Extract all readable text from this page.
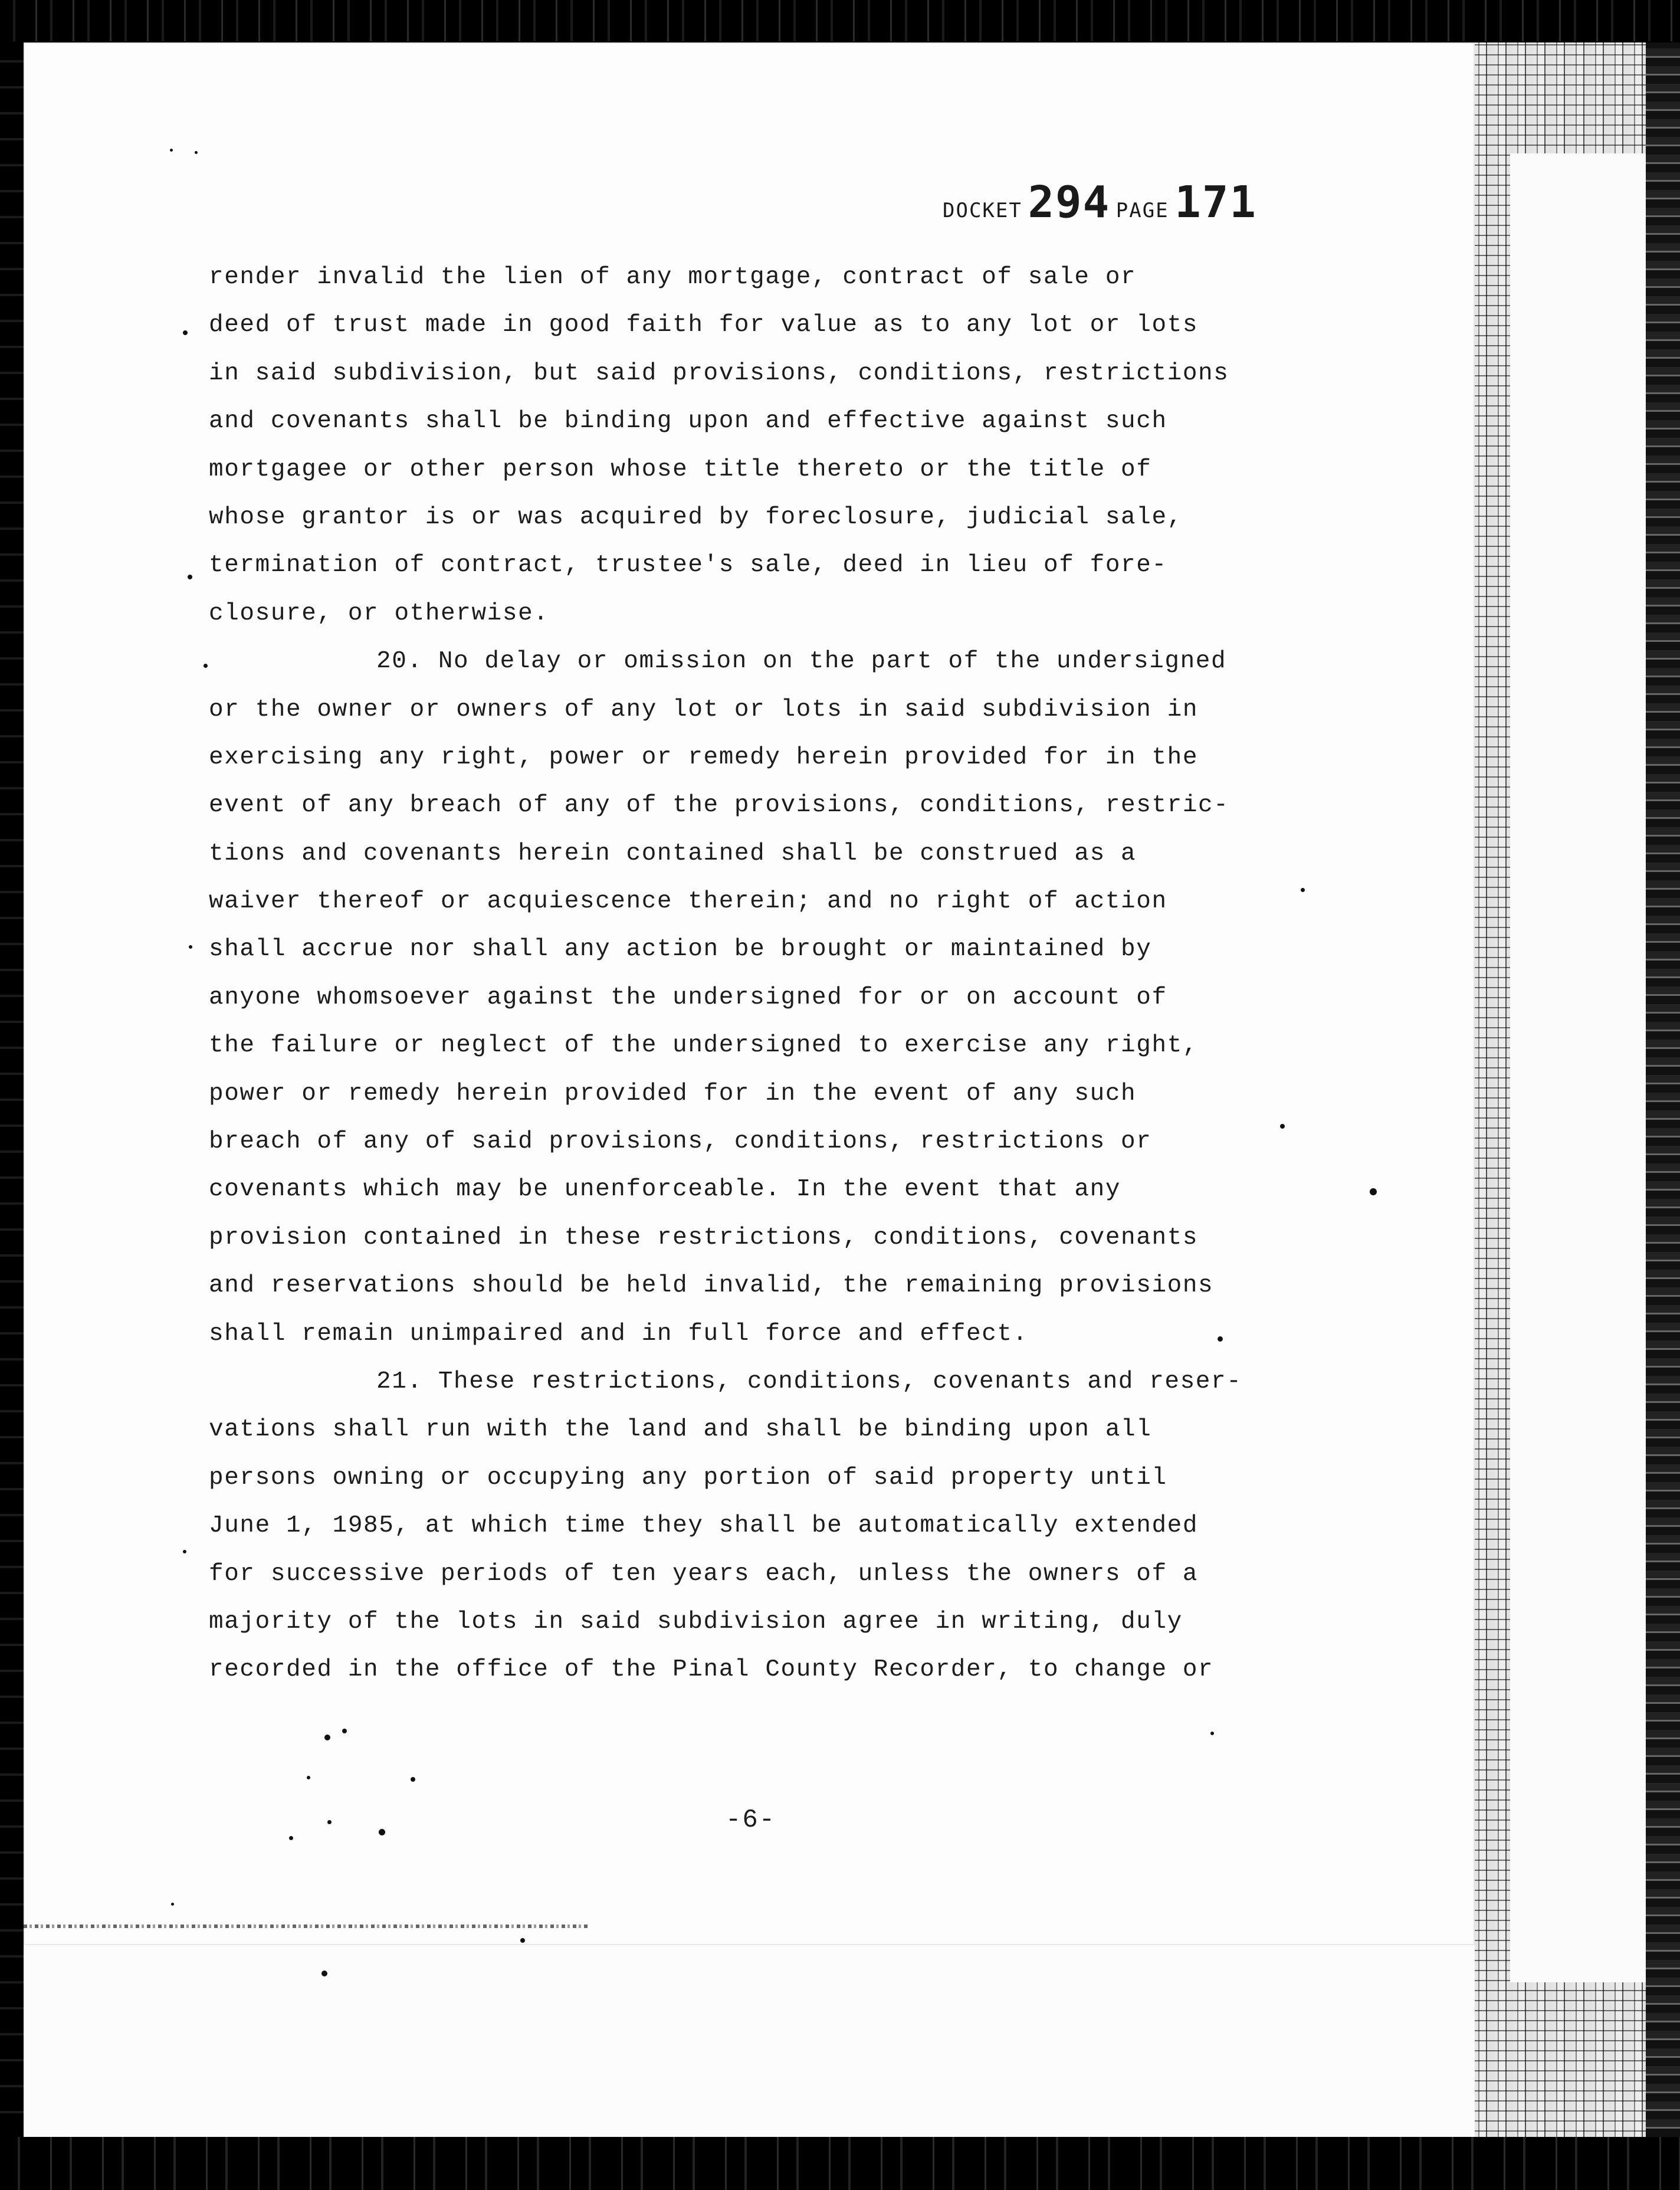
DOCKET 294 PAGE 171
render invalid the lien of any mortgage, contract of sale or
deed of trust made in good faith for value as to any lot or lots
in said subdivision, but said provisions, conditions, restrictions
and covenants shall be binding upon and effective against such
mortgagee or other person whose title thereto or the title of
whose grantor is or was acquired by foreclosure, judicial sale,
termination of contract, trustee's sale, deed in lieu of fore-
closure, or otherwise.
20. No delay or omission on the part of the undersigned
or the owner or owners of any lot or lots in said subdivision in
exercising any right, power or remedy herein provided for in the
event of any breach of any of the provisions, conditions, restric-
tions and covenants herein contained shall be construed as a
waiver thereof or acquiescence therein; and no right of action
shall accrue nor shall any action be brought or maintained by
anyone whomsoever against the undersigned for or on account of
the failure or neglect of the undersigned to exercise any right,
power or remedy herein provided for in the event of any such
breach of any of said provisions, conditions, restrictions or
covenants which may be unenforceable. In the event that any
provision contained in these restrictions, conditions, covenants
and reservations should be held invalid, the remaining provisions
shall remain unimpaired and in full force and effect.
21. These restrictions, conditions, covenants and reser-
vations shall run with the land and shall be binding upon all
persons owning or occupying any portion of said property until
June 1, 1985, at which time they shall be automatically extended
for successive periods of ten years each, unless the owners of a
majority of the lots in said subdivision agree in writing, duly
recorded in the office of the Pinal County Recorder, to change or
-6-
